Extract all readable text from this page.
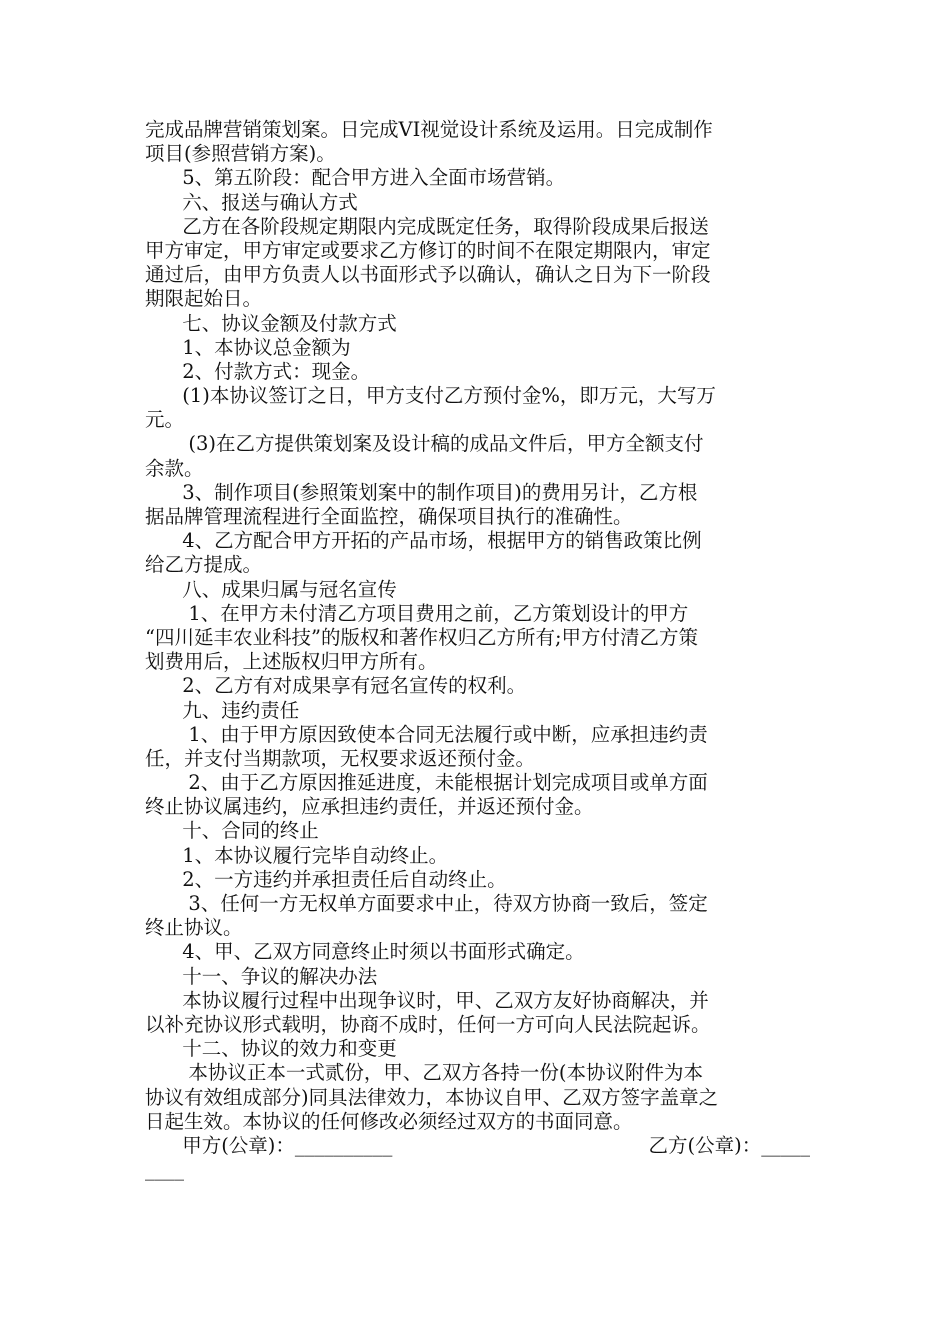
完成品牌营销策划案。日完成VI视觉设计系统及运用。日完成制作
项目(参照营销方案)。
5、第五阶段：配合甲方进入全面市场营销。
六、报送与确认方式
乙方在各阶段规定期限内完成既定任务，取得阶段成果后报送
甲方审定，甲方审定或要求乙方修订的时间不在限定期限内，审定
通过后，由甲方负责人以书面形式予以确认，确认之日为下一阶段
期限起始日。
七、协议金额及付款方式
1、本协议总金额为
2、付款方式：现金。
(1)本协议签订之日，甲方支付乙方预付金%，即万元，大写万
元。
(3)在乙方提供策划案及设计稿的成品文件后，甲方全额支付
余款。
3、制作项目(参照策划案中的制作项目)的费用另计，乙方根
据品牌管理流程进行全面监控，确保项目执行的准确性。
4、乙方配合甲方开拓的产品市场，根据甲方的销售政策比例
给乙方提成。
八、成果归属与冠名宣传
1、在甲方未付清乙方项目费用之前，乙方策划设计的甲方
“四川延丰农业科技”的版权和著作权归乙方所有;甲方付清乙方策
划费用后，上述版权归甲方所有。
2、乙方有对成果享有冠名宣传的权利。
九、违约责任
1、由于甲方原因致使本合同无法履行或中断，应承担违约责
任，并支付当期款项，无权要求返还预付金。
2、由于乙方原因推延进度，未能根据计划完成项目或单方面
终止协议属违约，应承担违约责任，并返还预付金。
十、合同的终止
1、本协议履行完毕自动终止。
2、一方违约并承担责任后自动终止。
3、任何一方无权单方面要求中止，待双方协商一致后，签定
终止协议。
4、甲、乙双方同意终止时须以书面形式确定。
十一、争议的解决办法
本协议履行过程中出现争议时，甲、乙双方友好协商解决，并
以补充协议形式载明，协商不成时，任何一方可向人民法院起诉。
十二、协议的效力和变更
本协议正本一式贰份，甲、乙双方各持一份(本协议附件为本
协议有效组成部分)同具法律效力，本协议自甲、乙双方签字盖章之
日起生效。本协议的任何修改必须经过双方的书面同意。
甲方(公章)：__________	乙方(公章)：_____
____
